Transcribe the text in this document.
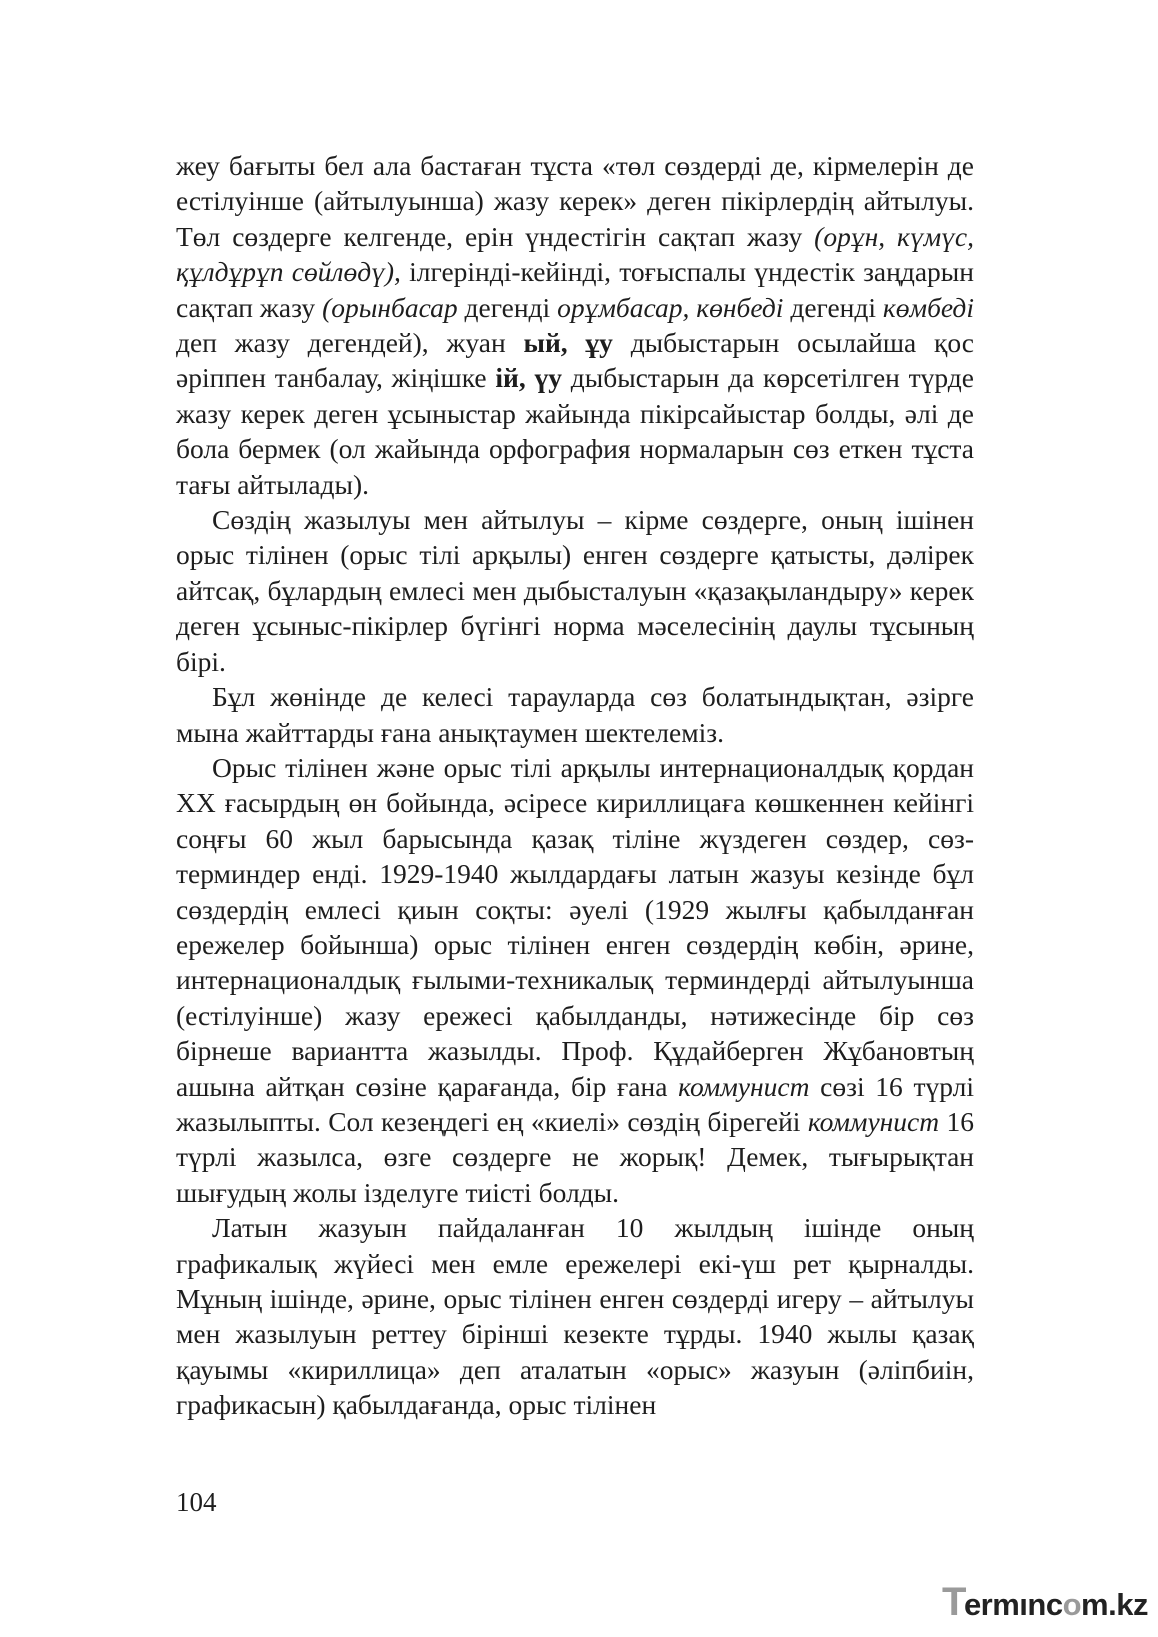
жеу бағыты бел ала бастаған тұста «төл сөздерді де, кірмелерін де естілуінше (айтылуынша) жазу керек» деген пікірлердің айтылуы. Төл сөздерге келгенде, ерін үндестігін сақтап жазу (орұн, күмүс, құлдұрұп сөйлөдү), ілгерінді-кейінді, тоғыспалы үндестік заңдарын сақтап жазу (орынбасар дегенді орұмбасар, көнбеді дегенді көмбеді деп жазу дегендей), жуан ый, ұу дыбыстарын осылайша қос әріппен танбалау, жіңішке ій, үу дыбыстарын да көрсетілген түрде жазу керек деген ұсыныстар жайында пікірсайыстар болды, әлі де бола бермек (ол жайында орфография нормаларын сөз еткен тұста тағы айтылады).

Сөздің жазылуы мен айтылуы – кірме сөздерге, оның ішінен орыс тілінен (орыс тілі арқылы) енген сөздерге қатысты, дәлірек айтсақ, бұлардың емлесі мен дыбысталуын «қазақыландыру» керек деген ұсыныс-пікірлер бүгінгі норма мәселесінің даулы тұсының бірі.

Бұл жөнінде де келесі тарауларда сөз болатындықтан, әзірге мына жайттарды ғана анықтаумен шектелеміз.

Орыс тілінен және орыс тілі арқылы интернационалдық қордан XX ғасырдың өн бойында, әсіресе кириллицаға көшкеннен кейінгі соңғы 60 жыл барысында қазақ тіліне жүздеген сөздер, сөз-терминдер енді. 1929-1940 жылдардағы латын жазуы кезінде бұл сөздердің емлесі қиын соқты: әуелі (1929 жылғы қабылданған ережелер бойынша) орыс тілінен енген сөздердің көбін, әрине, интернационалдық ғылыми-техникалық терминдерді айтылуынша (естілуінше) жазу ережесі қабылданды, нәтижесінде бір сөз бірнеше вариантта жазылды. Проф. Құдайберген Жұбановтың ашына айтқан сөзіне қарағанда, бір ғана коммунист сөзі 16 түрлі жазылыпты. Сол кезеңдегі ең «киелі» сөздің бірегейі коммунист 16 түрлі жазылса, өзге сөздерге не жорық! Демек, тығырықтан шығудың жолы ізделуге тиісті болды.

Латын жазуын пайдаланған 10 жылдың ішінде оның графикалық жүйесі мен емле ережелері екі-үш рет қырналды. Мұның ішінде, әрине, орыс тілінен енген сөздерді игеру – айтылуы мен жазылуын реттеу бірінші кезекте тұрды. 1940 жылы қазақ қауымы «кириллица» деп аталатын «орыс» жазуын (әліпбиін, графикасын) қабылдағанда, орыс тілінен

104
Termıncom.kz
